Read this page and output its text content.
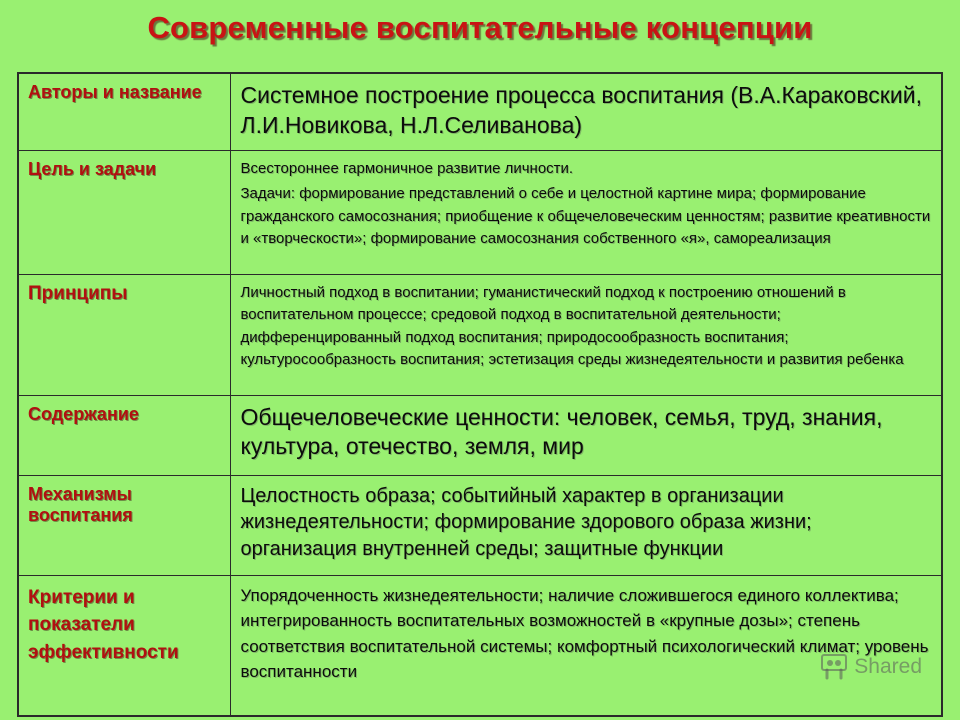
Современные воспитательные концепции
Авторы и название	Системное построение процесса воспитания (В.А.Караковский, Л.И.Новикова, Н.Л.Селиванова)

Цель и задачи	Всестороннее гармоничное развитие личности.
Задачи: формирование представлений о себе и целостной картине мира; формирование гражданского самосознания; приобщение к общечеловеческим ценностям; развитие креативности и «творческости»; формирование самосознания собственного «я», самореализация

Принципы	Личностный подход в воспитании; гуманистический подход к построению отношений в воспитательном процессе; средовой подход в воспитательной деятельности; дифференцированный подход воспитания; природосообразность воспитания; культуросообразность воспитания; эстетизация среды жизнедеятельности и развития ребенка

Содержание	Общечеловеческие ценности: человек, семья, труд, знания, культура, отечество, земля, мир

Механизмы воспитания	Целостность образа; событийный характер в организации жизнедеятельности; формирование здорового образа жизни; организация внутренней среды; защитные функции

Критерии и показатели эффективности	Упорядоченность жизнедеятельности; наличие сложившегося единого коллектива; интегрированность воспитательных возможностей в «крупные дозы»; степень соответствия воспитательной системы; комфортный психологический климат; уровень воспитанности	Shared
